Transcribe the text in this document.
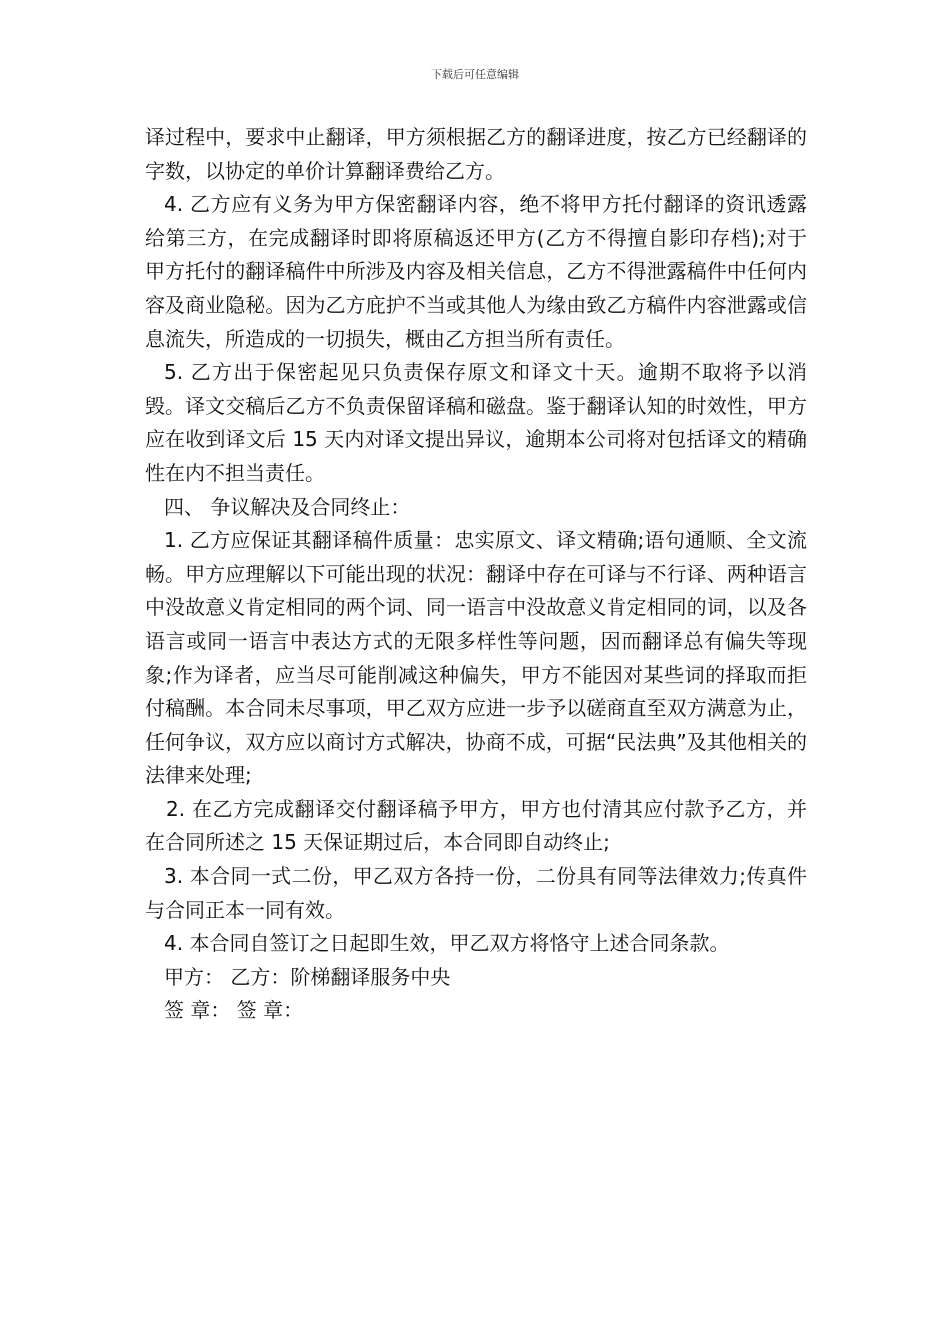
下载后可任意编辑

译过程中，要求中止翻译，甲方须根据乙方的翻译进度，按乙方已经翻译的字数，以协定的单价计算翻译费给乙方。

4. 乙方应有义务为甲方保密翻译内容，绝不将甲方托付翻译的资讯透露给第三方，在完成翻译时即将原稿返还甲方(乙方不得擅自影印存档);对于甲方托付的翻译稿件中所涉及内容及相关信息，乙方不得泄露稿件中任何内容及商业隐秘。因为乙方庇护不当或其他人为缘由致乙方稿件内容泄露或信息流失，所造成的一切损失，概由乙方担当所有责任。

5. 乙方出于保密起见只负责保存原文和译文十天。逾期不取将予以消毁。译文交稿后乙方不负责保留译稿和磁盘。鉴于翻译认知的时效性，甲方应在收到译文后 15 天内对译文提出异议，逾期本公司将对包括译文的精确性在内不担当责任。

四、 争议解决及合同终止：

1. 乙方应保证其翻译稿件质量：忠实原文、译文精确;语句通顺、全文流畅。甲方应理解以下可能出现的状况：翻译中存在可译与不行译、两种语言中没故意义肯定相同的两个词、同一语言中没故意义肯定相同的词，以及各语言或同一语言中表达方式的无限多样性等问题，因而翻译总有偏失等现象;作为译者，应当尽可能削减这种偏失，甲方不能因对某些词的择取而拒付稿酬。本合同未尽事项，甲乙双方应进一步予以磋商直至双方满意为止，任何争议，双方应以商讨方式解决，协商不成，可据“民法典”及其他相关的法律来处理;

2. 在乙方完成翻译交付翻译稿予甲方，甲方也付清其应付款予乙方，并在合同所述之 15 天保证期过后，本合同即自动终止;

3. 本合同一式二份，甲乙双方各持一份，二份具有同等法律效力;传真件与合同正本一同有效。

4. 本合同自签订之日起即生效，甲乙双方将恪守上述合同条款。

甲方： 乙方：阶梯翻译服务中央

签 章： 签 章：
